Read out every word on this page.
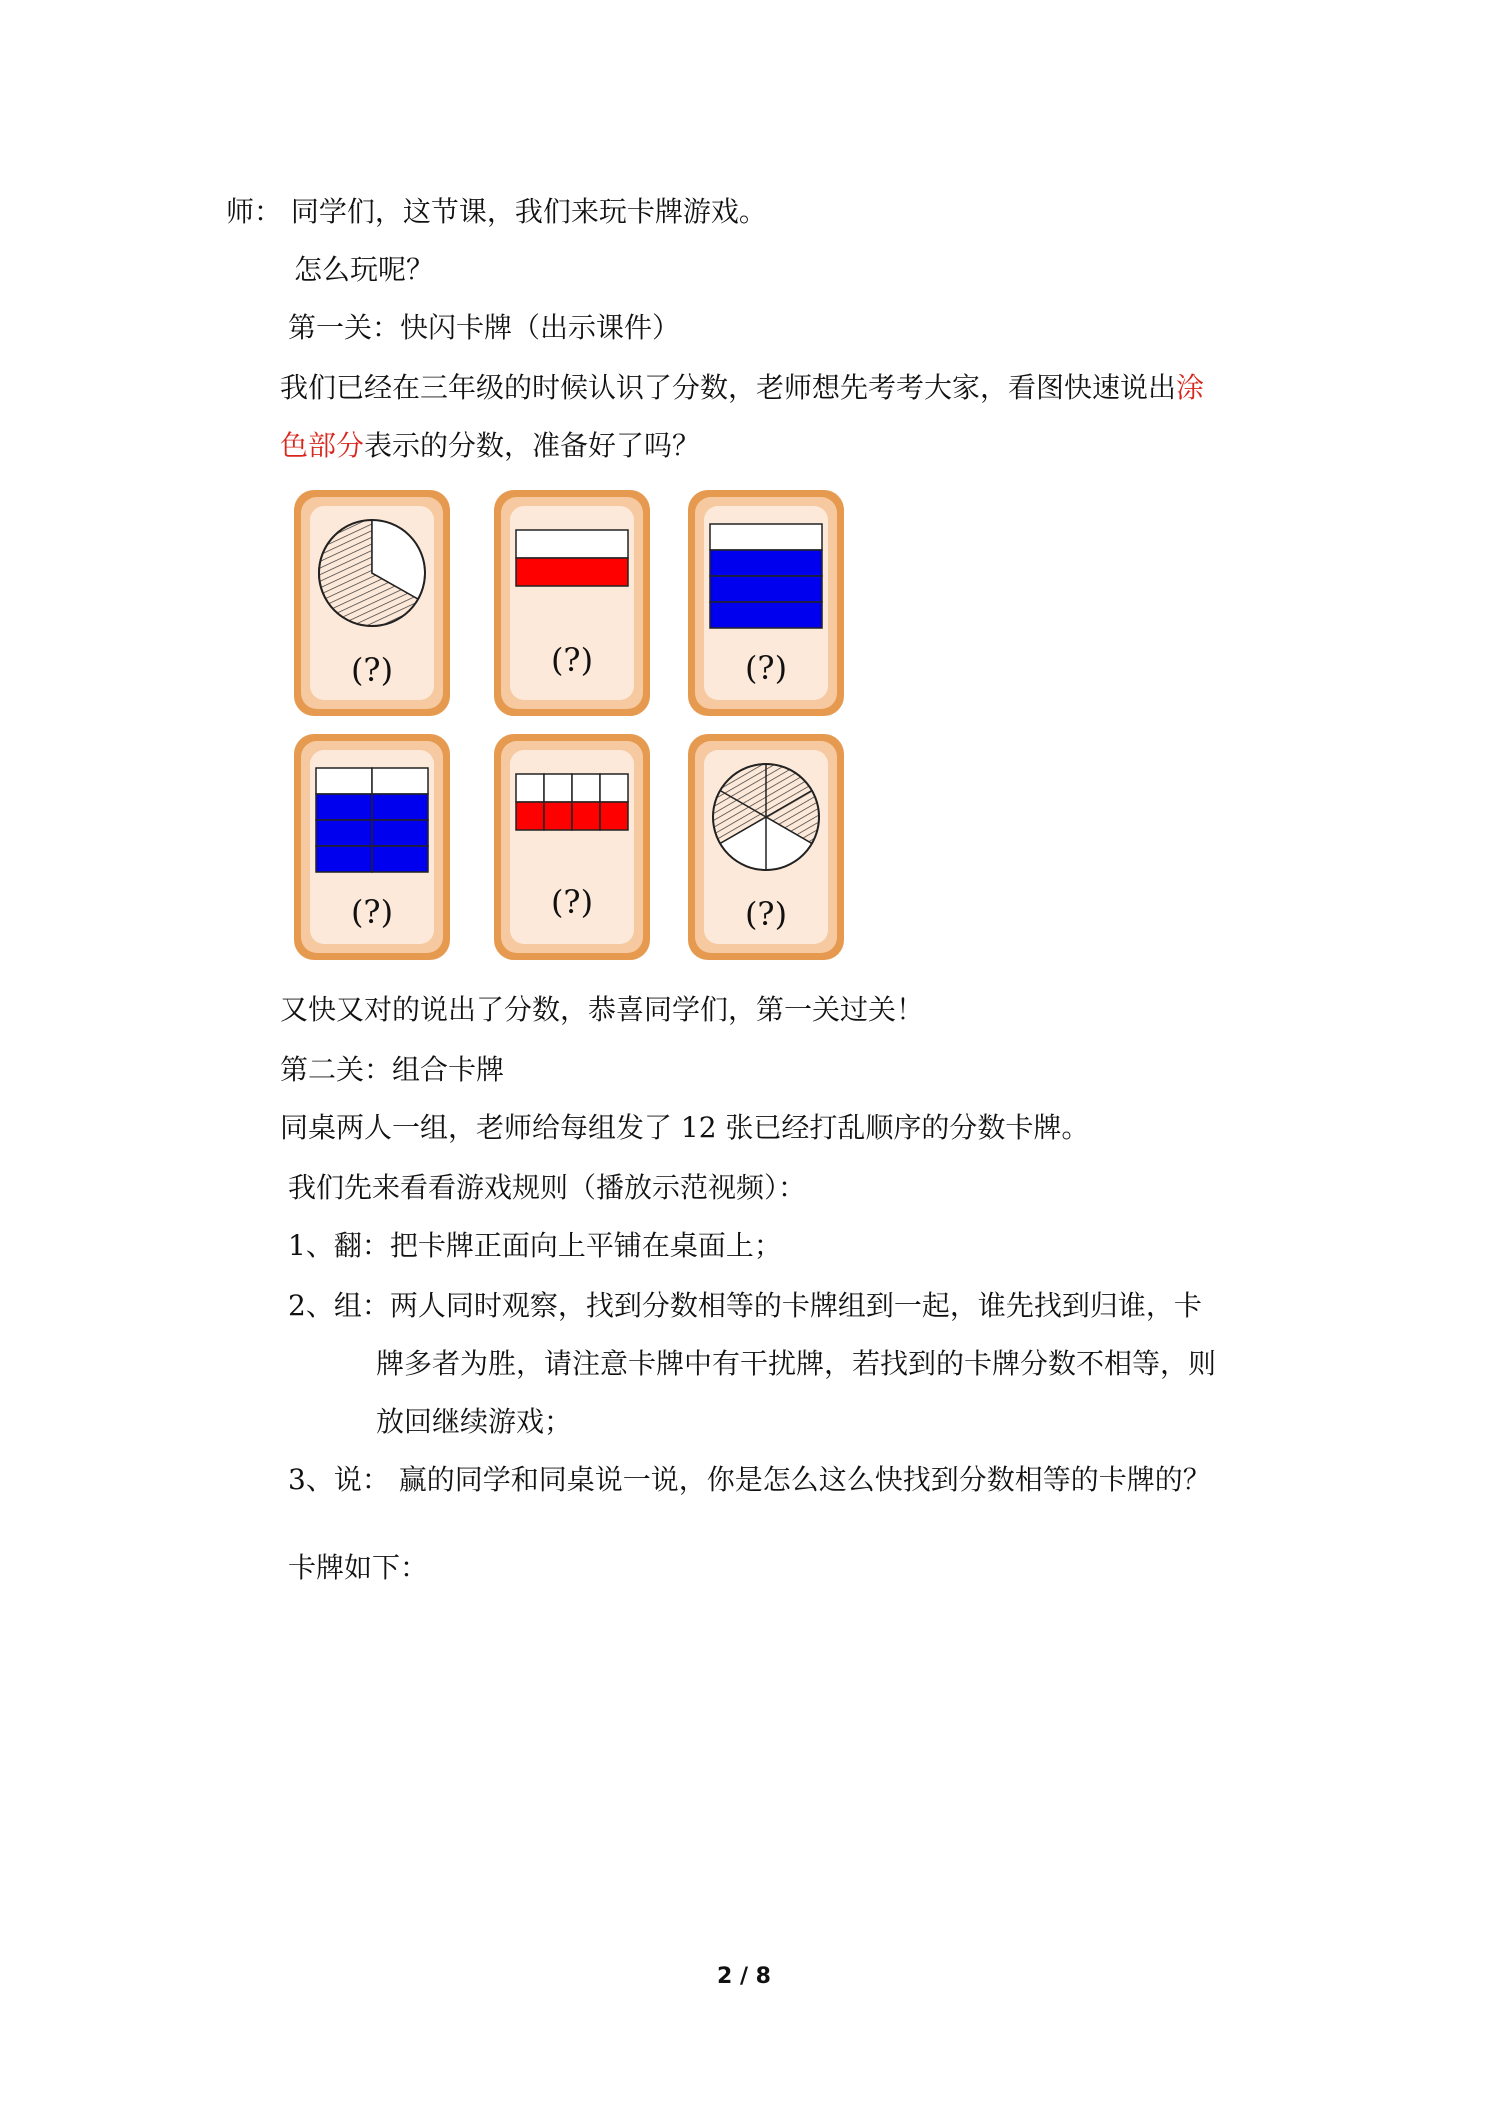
师： 同学们，这节课，我们来玩卡牌游戏。
怎么玩呢？
第一关：快闪卡牌（出示课件）
我们已经在三年级的时候认识了分数，老师想先考考大家，看图快速说出涂
色部分表示的分数，准备好了吗？
(?)	(?)	(?)
(?)	(?)	(?)
又快又对的说出了分数，恭喜同学们，第一关过关！
第二关：组合卡牌
同桌两人一组，老师给每组发了 12 张已经打乱顺序的分数卡牌。
我们先来看看游戏规则（播放示范视频）：
1、翻：把卡牌正面向上平铺在桌面上；
2、组：两人同时观察，找到分数相等的卡牌组到一起，谁先找到归谁，卡
牌多者为胜，请注意卡牌中有干扰牌，若找到的卡牌分数不相等，则
放回继续游戏；
3、说： 赢的同学和同桌说一说，你是怎么这么快找到分数相等的卡牌的？
卡牌如下：
2 / 8
